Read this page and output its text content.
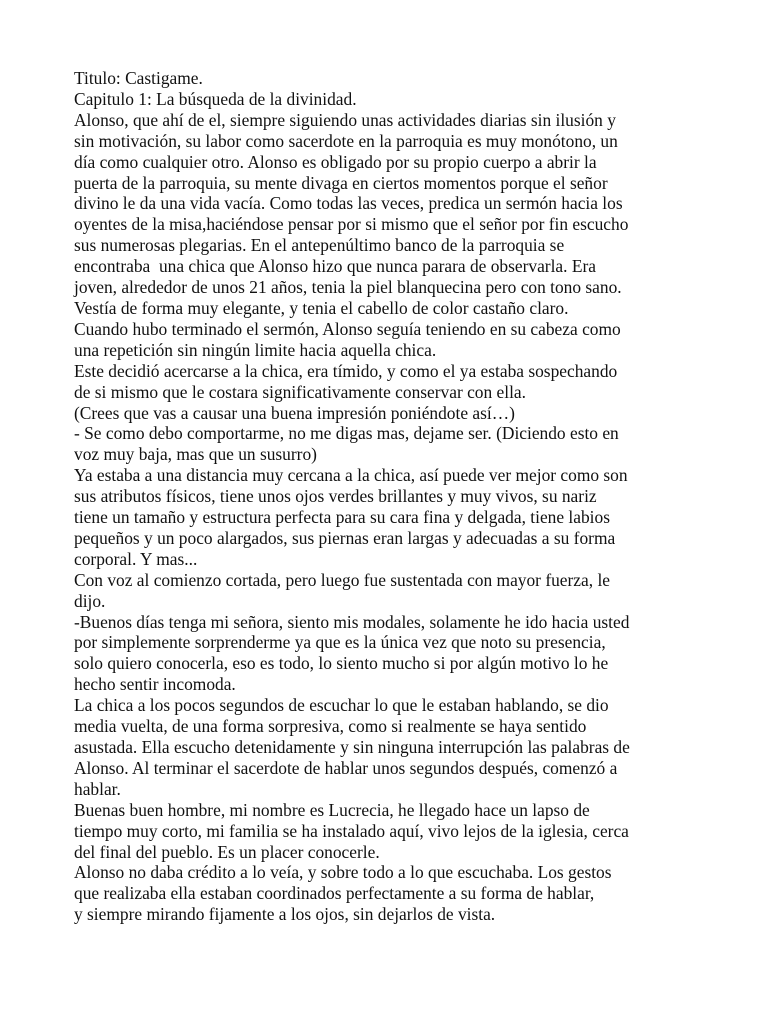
Titulo: Castigame.
Capitulo 1: La búsqueda de la divinidad.
Alonso, que ahí de el, siempre siguiendo unas actividades diarias sin ilusión y
sin motivación, su labor como sacerdote en la parroquia es muy monótono, un
día como cualquier otro. Alonso es obligado por su propio cuerpo a abrir la
puerta de la parroquia, su mente divaga en ciertos momentos porque el señor
divino le da una vida vacía. Como todas las veces, predica un sermón hacia los
oyentes de la misa,haciéndose pensar por si mismo que el señor por fin escucho
sus numerosas plegarias. En el antepenúltimo banco de la parroquia se
encontraba  una chica que Alonso hizo que nunca parara de observarla. Era
joven, alrededor de unos 21 años, tenia la piel blanquecina pero con tono sano.
Vestía de forma muy elegante, y tenia el cabello de color castaño claro.
Cuando hubo terminado el sermón, Alonso seguía teniendo en su cabeza como
una repetición sin ningún limite hacia aquella chica.
Este decidió acercarse a la chica, era tímido, y como el ya estaba sospechando
de si mismo que le costara significativamente conservar con ella.
(Crees que vas a causar una buena impresión poniéndote así…)
- Se como debo comportarme, no me digas mas, dejame ser. (Diciendo esto en
voz muy baja, mas que un susurro)
Ya estaba a una distancia muy cercana a la chica, así puede ver mejor como son
sus atributos físicos, tiene unos ojos verdes brillantes y muy vivos, su nariz
tiene un tamaño y estructura perfecta para su cara fina y delgada, tiene labios
pequeños y un poco alargados, sus piernas eran largas y adecuadas a su forma
corporal. Y mas...
Con voz al comienzo cortada, pero luego fue sustentada con mayor fuerza, le
dijo.
-Buenos días tenga mi señora, siento mis modales, solamente he ido hacia usted
por simplemente sorprenderme ya que es la única vez que noto su presencia,
solo quiero conocerla, eso es todo, lo siento mucho si por algún motivo lo he
hecho sentir incomoda.
La chica a los pocos segundos de escuchar lo que le estaban hablando, se dio
media vuelta, de una forma sorpresiva, como si realmente se haya sentido
asustada. Ella escucho detenidamente y sin ninguna interrupción las palabras de
Alonso. Al terminar el sacerdote de hablar unos segundos después, comenzó a
hablar.
Buenas buen hombre, mi nombre es Lucrecia, he llegado hace un lapso de
tiempo muy corto, mi familia se ha instalado aquí, vivo lejos de la iglesia, cerca
del final del pueblo. Es un placer conocerle.
Alonso no daba crédito a lo veía, y sobre todo a lo que escuchaba. Los gestos
que realizaba ella estaban coordinados perfectamente a su forma de hablar,
y siempre mirando fijamente a los ojos, sin dejarlos de vista.
